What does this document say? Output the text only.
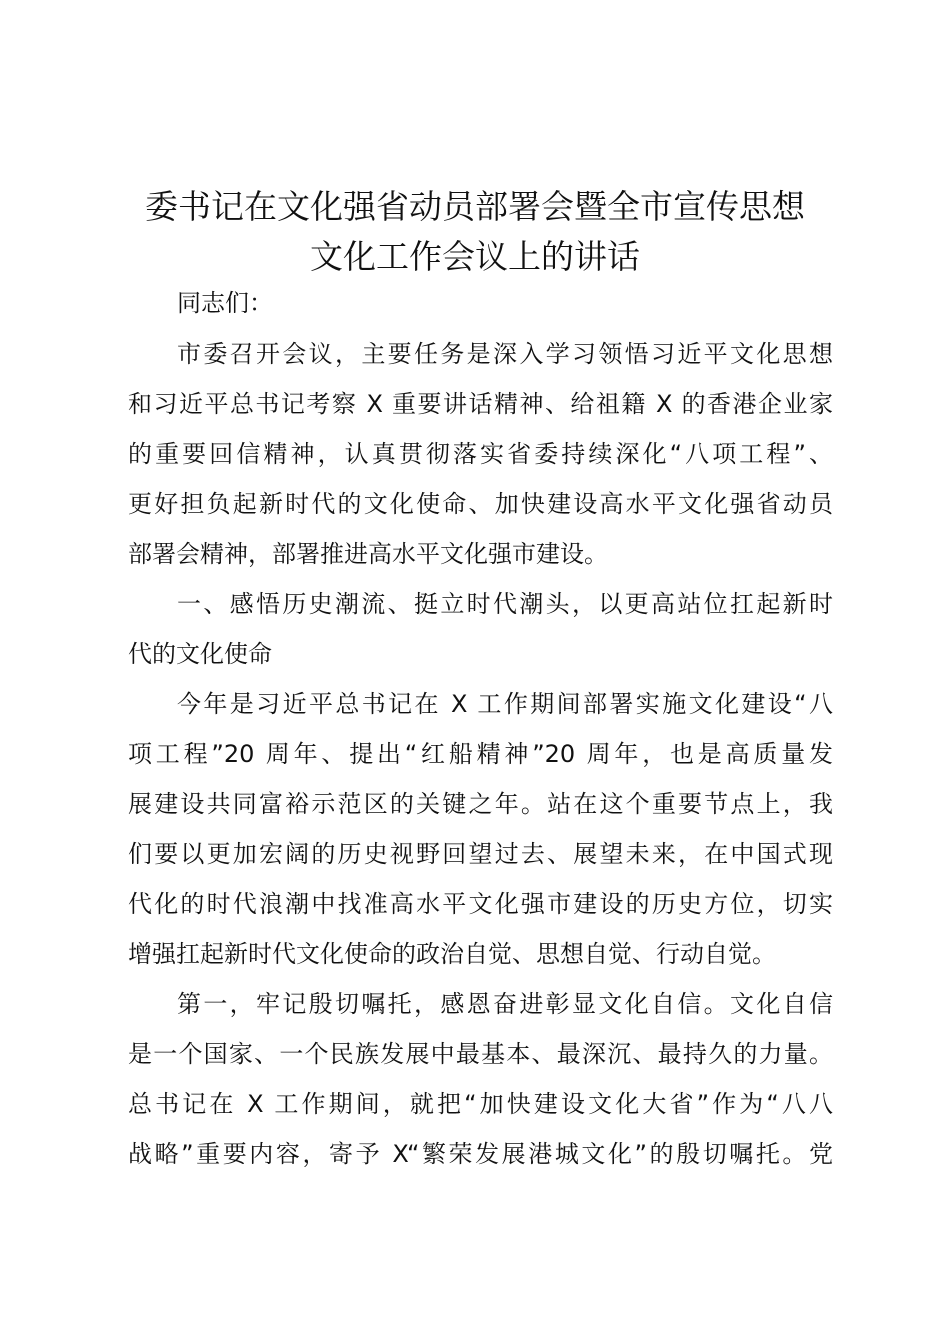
委书记在文化强省动员部署会暨全市宣传思想
文化工作会议上的讲话

同志们：

市委召开会议，主要任务是深入学习领悟习近平文化思想

和习近平总书记考察 X 重要讲话精神、给祖籍 X 的香港企业家

的重要回信精神，认真贯彻落实省委持续深化“八项工程”、

更好担负起新时代的文化使命、加快建设高水平文化强省动员

部署会精神，部署推进高水平文化强市建设。

一、感悟历史潮流、挺立时代潮头，以更高站位扛起新时

代的文化使命

今年是习近平总书记在 X 工作期间部署实施文化建设“八

项工程”20 周年、提出“红船精神”20 周年，也是高质量发

展建设共同富裕示范区的关键之年。站在这个重要节点上，我

们要以更加宏阔的历史视野回望过去、展望未来，在中国式现

代化的时代浪潮中找准高水平文化强市建设的历史方位，切实

增强扛起新时代文化使命的政治自觉、思想自觉、行动自觉。

第一，牢记殷切嘱托，感恩奋进彰显文化自信。文化自信

是一个国家、一个民族发展中最基本、最深沉、最持久的力量。

总书记在 X 工作期间，就把“加快建设文化大省”作为“八八

战略”重要内容，寄予 X“繁荣发展港城文化”的殷切嘱托。党
